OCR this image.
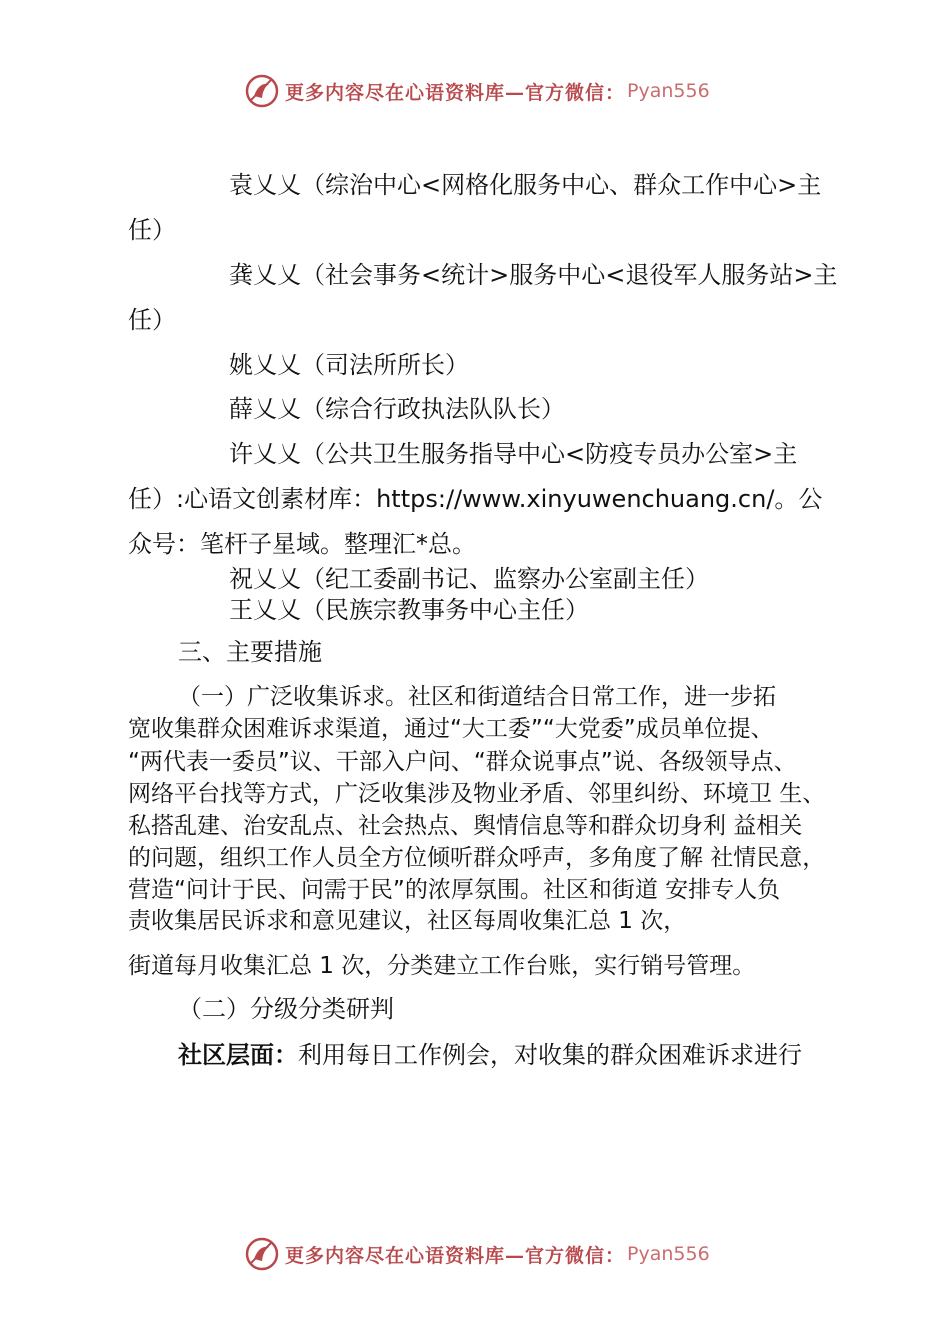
更多内容尽在心语资料库—官方微信： Pyan556
袁乂乂（综治中心<网格化服务中心、群众工作中心>主
任）
龚乂乂（社会事务<统计>服务中心<退役军人服务站>主
任）
姚乂乂（司法所所长）
薛乂乂（综合行政执法队队长）
许乂乂（公共卫生服务指导中心<防疫专员办公室>主
任）:心语文创素材库：https://www.xinyuwenchuang.cn/。公
众号：笔杆子星域。整理汇*总。
祝乂乂（纪工委副书记、监察办公室副主任）
王乂乂（民族宗教事务中心主任）
三、主要措施
（一）广泛收集诉求。社区和街道结合日常工作，进一步拓
宽收集群众困难诉求渠道，通过“大工委”“大党委”成员单位提、
“两代表一委员”议、干部入户问、“群众说事点”说、各级领导点、
网络平台找等方式，广泛收集涉及物业矛盾、邻里纠纷、环境卫 生、
私搭乱建、治安乱点、社会热点、舆情信息等和群众切身利 益相关
的问题，组织工作人员全方位倾听群众呼声，多角度了解 社情民意，
营造“问计于民、问需于民”的浓厚氛围。社区和街道 安排专人负
责收集居民诉求和意见建议，社区每周收集汇总 1 次，
街道每月收集汇总 1 次，分类建立工作台账，实行销号管理。
（二）分级分类研判
社区层面：利用每日工作例会，对收集的群众困难诉求进行
更多内容尽在心语资料库—官方微信： Pyan556
